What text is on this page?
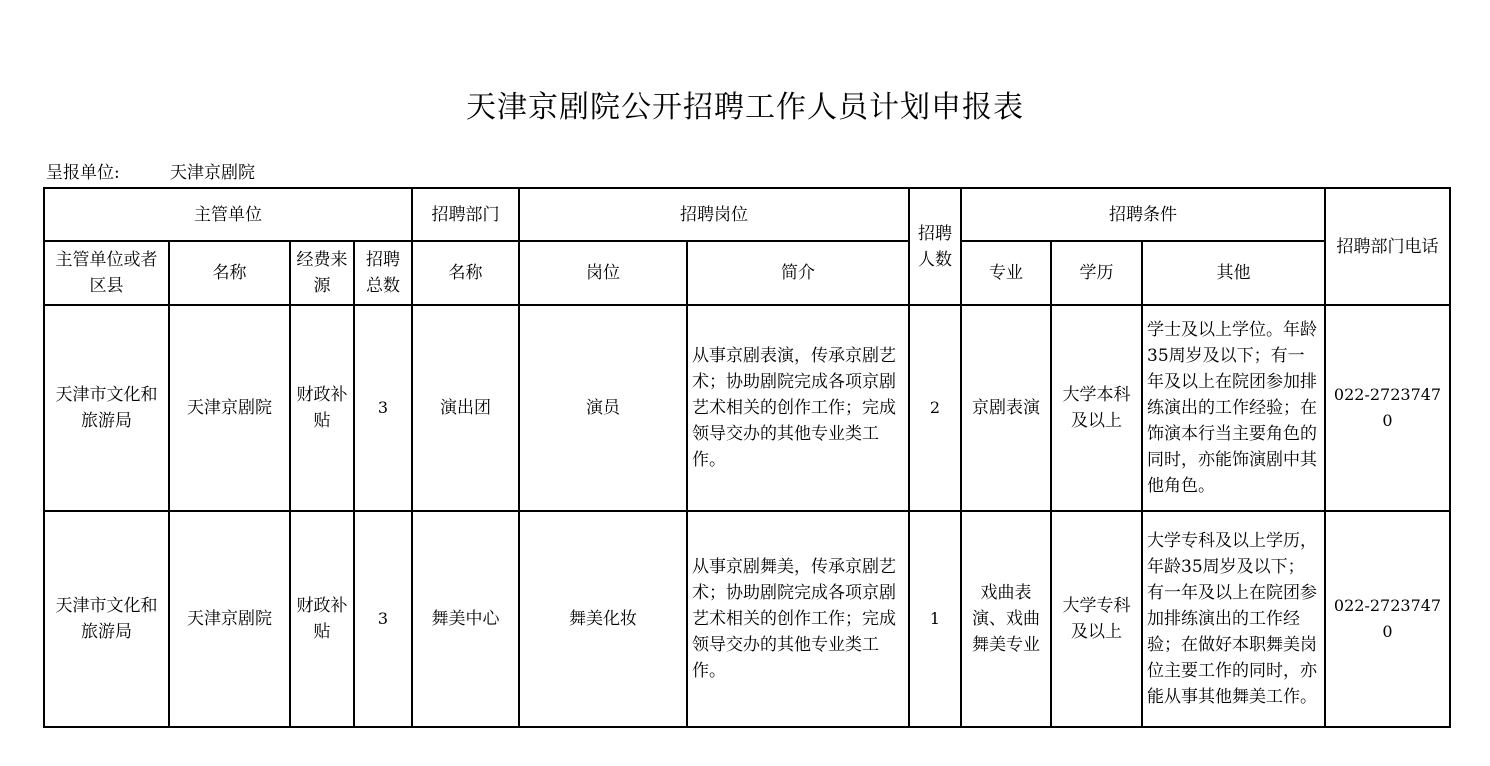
天津京剧院公开招聘工作人员计划申报表
呈报单位:	天津京剧院
主管单位				招聘部门	招聘岗位		招聘人数	招聘条件			招聘部门电话
主管单位或者区县	名称	经费来源	招聘总数	名称	岗位	简介		专业	学历	其他	
天津市文化和旅游局	天津京剧院	财政补贴	3	演出团	演员	从事京剧表演，传承京剧艺术；协助剧院完成各项京剧艺术相关的创作工作；完成领导交办的其他专业类工作。	2	京剧表演	大学本科及以上	学士及以上学位。年龄35周岁及以下；有一年及以上在院团参加排练演出的工作经验；在饰演本行当主要角色的同时，亦能饰演剧中其他角色。	022-27237470
天津市文化和旅游局	天津京剧院	财政补贴	3	舞美中心	舞美化妆	从事京剧舞美，传承京剧艺术；协助剧院完成各项京剧艺术相关的创作工作；完成领导交办的其他专业类工作。	1	戏曲表演、戏曲舞美专业	大学专科及以上	大学专科及以上学历，年龄35周岁及以下；有一年及以上在院团参加排练演出的工作经验；在做好本职舞美岗位主要工作的同时，亦能从事其他舞美工作。	022-27237470
